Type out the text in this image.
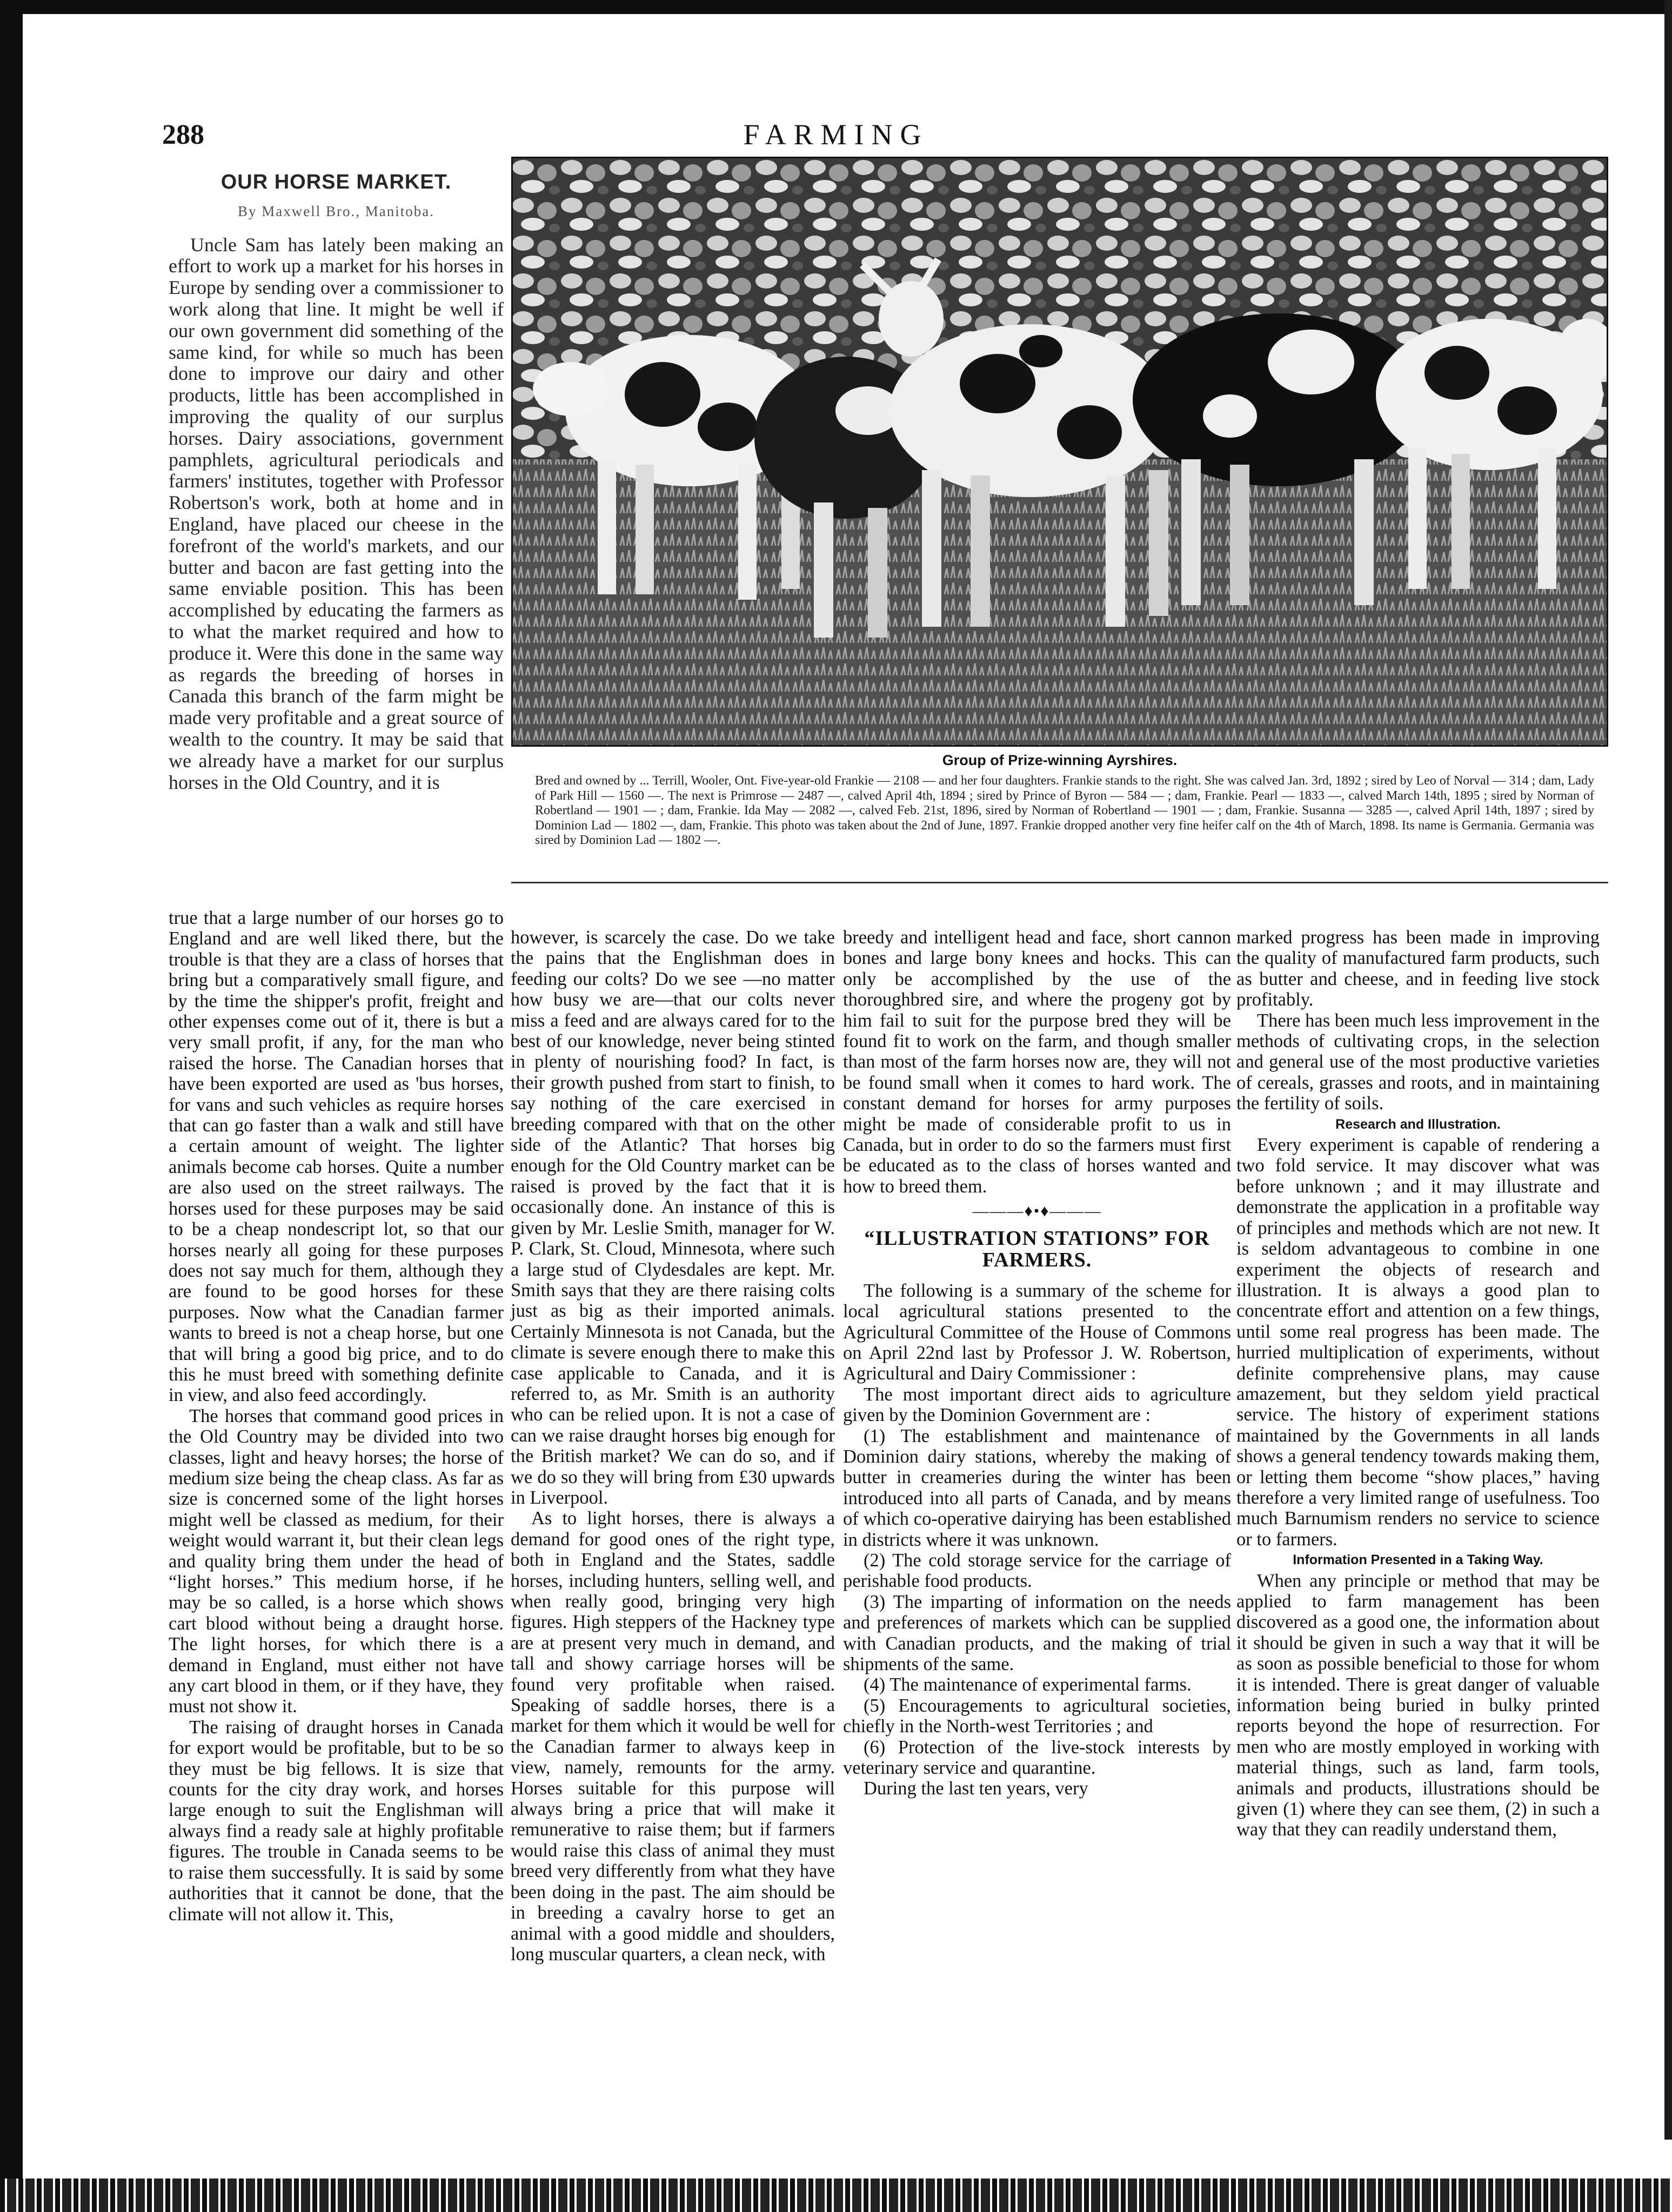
288	FARMING
OUR HORSE MARKET.
By Maxwell Bro., Manitoba.

Uncle Sam has lately been making an effort to work up a market for his horses in Europe by sending over a commissioner to work along that line. It might be well if our own government did something of the same kind, for while so much has been done to improve our dairy and other products, little has been accomplished in improving the quality of our surplus horses. Dairy associations, government pamphlets, agricultural periodicals and farmers' institutes, together with Professor Robertson's work, both at home and in England, have placed our cheese in the forefront of the world's markets, and our butter and bacon are fast getting into the same enviable position. This has been accomplished by educating the farmers as to what the market required and how to produce it. Were this done in the same way as regards the breeding of horses in Canada this branch of the farm might be made very profitable and a great source of wealth to the country. It may be said that we already have a market for our surplus horses in the Old Country, and it is

true that a large number of our horses go to England and are well liked there, but the trouble is that they are a class of horses that bring but a comparatively small figure, and by the time the shipper's profit, freight and other expenses come out of it, there is but a very small profit, if any, for the man who raised the horse. The Canadian horses that have been exported are used as 'bus horses, for vans and such vehicles as require horses that can go faster than a walk and still have a certain amount of weight. The lighter animals become cab horses. Quite a number are also used on the street railways. The horses used for these purposes may be said to be a cheap nondescript lot, so that our horses nearly all going for these purposes does not say much for them, although they are found to be good horses for these purposes. Now what the Canadian farmer wants to breed is not a cheap horse, but one that will bring a good big price, and to do this he must breed with something definite in view, and also feed accordingly.

The horses that command good prices in the Old Country may be divided into two classes, light and heavy horses; the horse of medium size being the cheap class. As far as size is concerned some of the light horses might well be classed as medium, for their weight would warrant it, but their clean legs and quality bring them under the head of “light horses.” This medium horse, if he may be so called, is a horse which shows cart blood without being a draught horse. The light horses, for which there is a demand in England, must either not have any cart blood in them, or if they have, they must not show it.

The raising of draught horses in Canada for export would be profitable, but to be so they must be big fellows. It is size that counts for the city dray work, and horses large enough to suit the Englishman will always find a ready sale at highly profitable figures. The trouble in Canada seems to be to raise them successfully. It is said by some authorities that it cannot be done, that the climate will not allow it. This,

Group of Prize-winning Ayrshires.
Bred and owned by ... Terrill, Wooler, Ont. Five-year-old Frankie — 2108 — and her four daughters. Frankie stands to the right. She was calved Jan. 3rd, 1892 ; sired by Leo of Norval — 314 ; dam, Lady of Park Hill — 1560 —. The next is Primrose — 2487 —, calved April 4th, 1894 ; sired by Prince of Byron — 584 — ; dam, Frankie. Pearl — 1833 —, calved March 14th, 1895 ; sired by Norman of Robertland — 1901 — ; dam, Frankie. Ida May — 2082 —, calved Feb. 21st, 1896, sired by Norman of Robertland — 1901 — ; dam, Frankie. Susanna — 3285 —, calved April 14th, 1897 ; sired by Dominion Lad — 1802 —, dam, Frankie. This photo was taken about the 2nd of June, 1897. Frankie dropped another very fine heifer calf on the 4th of March, 1898. Its name is Germania. Germania was sired by Dominion Lad — 1802 —.

however, is scarcely the case. Do we take the pains that the Englishman does in feeding our colts? Do we see —no matter how busy we are—that our colts never miss a feed and are always cared for to the best of our knowledge, never being stinted in plenty of nourishing food? In fact, is their growth pushed from start to finish, to say nothing of the care exercised in breeding compared with that on the other side of the Atlantic? That horses big enough for the Old Country market can be raised is proved by the fact that it is occasionally done. An instance of this is given by Mr. Leslie Smith, manager for W. P. Clark, St. Cloud, Minnesota, where such a large stud of Clydesdales are kept. Mr. Smith says that they are there raising colts just as big as their imported animals. Certainly Minnesota is not Canada, but the climate is severe enough there to make this case applicable to Canada, and it is referred to, as Mr. Smith is an authority who can be relied upon. It is not a case of can we raise draught horses big enough for the British market? We can do so, and if we do so they will bring from £30 upwards in Liverpool.

As to light horses, there is always a demand for good ones of the right type, both in England and the States, saddle horses, including hunters, selling well, and when really good, bringing very high figures. High steppers of the Hackney type are at present very much in demand, and tall and showy carriage horses will be found very profitable when raised. Speaking of saddle horses, there is a market for them which it would be well for the Canadian farmer to always keep in view, namely, remounts for the army. Horses suitable for this purpose will always bring a price that will make it remunerative to raise them; but if farmers would raise this class of animal they must breed very differently from what they have been doing in the past. The aim should be in breeding a cavalry horse to get an animal with a good middle and shoulders, long muscular quarters, a clean neck, with

breedy and intelligent head and face, short cannon bones and large bony knees and hocks. This can only be accomplished by the use of the thoroughbred sire, and where the progeny got by him fail to suit for the purpose bred they will be found fit to work on the farm, and though smaller than most of the farm horses now are, they will not be found small when it comes to hard work. The constant demand for horses for army purposes might be made of considerable profit to us in Canada, but in order to do so the farmers must first be educated as to the class of horses wanted and how to breed them.

———♦•♦———
“ILLUSTRATION STATIONS” FOR FARMERS.

The following is a summary of the scheme for local agricultural stations presented to the Agricultural Committee of the House of Commons on April 22nd last by Professor J. W. Robertson, Agricultural and Dairy Commissioner :

The most important direct aids to agriculture given by the Dominion Government are :

(1) The establishment and maintenance of Dominion dairy stations, whereby the making of butter in creameries during the winter has been introduced into all parts of Canada, and by means of which co-operative dairying has been established in districts where it was unknown.

(2) The cold storage service for the carriage of perishable food products.

(3) The imparting of information on the needs and preferences of markets which can be supplied with Canadian products, and the making of trial shipments of the same.

(4) The maintenance of experimental farms.

(5) Encouragements to agricultural societies, chiefly in the North-west Territories ; and

(6) Protection of the live-stock interests by veterinary service and quarantine.

During the last ten years, very

marked progress has been made in improving the quality of manufactured farm products, such as butter and cheese, and in feeding live stock profitably.

There has been much less improvement in the methods of cultivating crops, in the selection and general use of the most productive varieties of cereals, grasses and roots, and in maintaining the fertility of soils.

Research and Illustration.

Every experiment is capable of rendering a two fold service. It may discover what was before unknown ; and it may illustrate and demonstrate the application in a profitable way of principles and methods which are not new. It is seldom advantageous to combine in one experiment the objects of research and illustration. It is always a good plan to concentrate effort and attention on a few things, until some real progress has been made. The hurried multiplication of experiments, without definite comprehensive plans, may cause amazement, but they seldom yield practical service. The history of experiment stations maintained by the Governments in all lands shows a general tendency towards making them, or letting them become “show places,” having therefore a very limited range of usefulness. Too much Barnumism renders no service to science or to farmers.

Information Presented in a Taking Way.

When any principle or method that may be applied to farm management has been discovered as a good one, the information about it should be given in such a way that it will be as soon as possible beneficial to those for whom it is intended. There is great danger of valuable information being buried in bulky printed reports beyond the hope of resurrection. For men who are mostly employed in working with material things, such as land, farm tools, animals and products, illustrations should be given (1) where they can see them, (2) in such a way that they can readily understand them,
